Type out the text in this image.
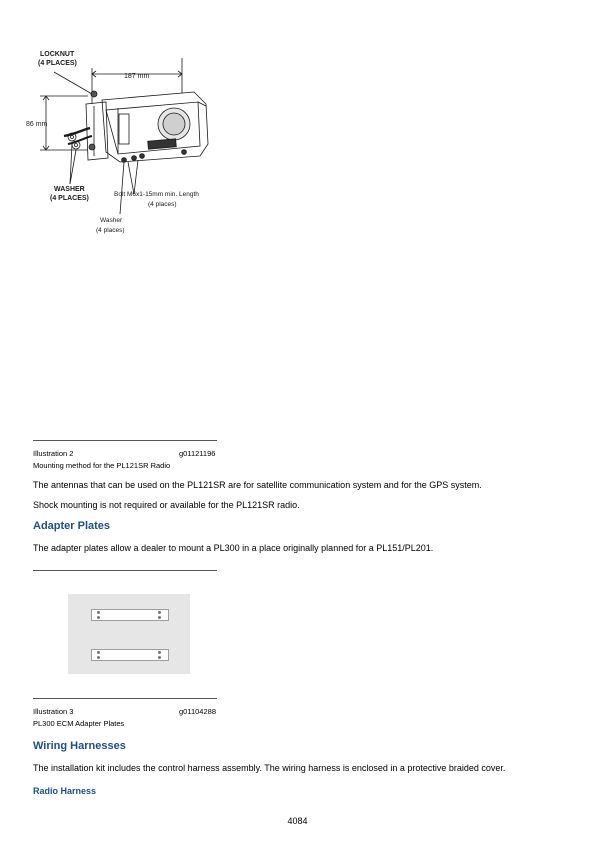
LOCKNUT
(4 PLACES)
187 mm
86 mm
WASHER
(4 PLACES)
Bolt M6x1-15mm min. Length
(4 places)
Washer
(4 places)
Illustration 2	g01121196
Mounting method for the PL121SR Radio
The antennas that can be used on the PL121SR are for satellite communication system and for the GPS system.
Shock mounting is not required or available for the PL121SR radio.
Adapter Plates
The adapter plates allow a dealer to mount a PL300 in a place originally planned for a PL151/PL201.
Illustration 3	g01104288
PL300 ECM Adapter Plates
Wiring Harnesses
The installation kit includes the control harness assembly. The wiring harness is enclosed in a protective braided cover.
Radio Harness
4084
